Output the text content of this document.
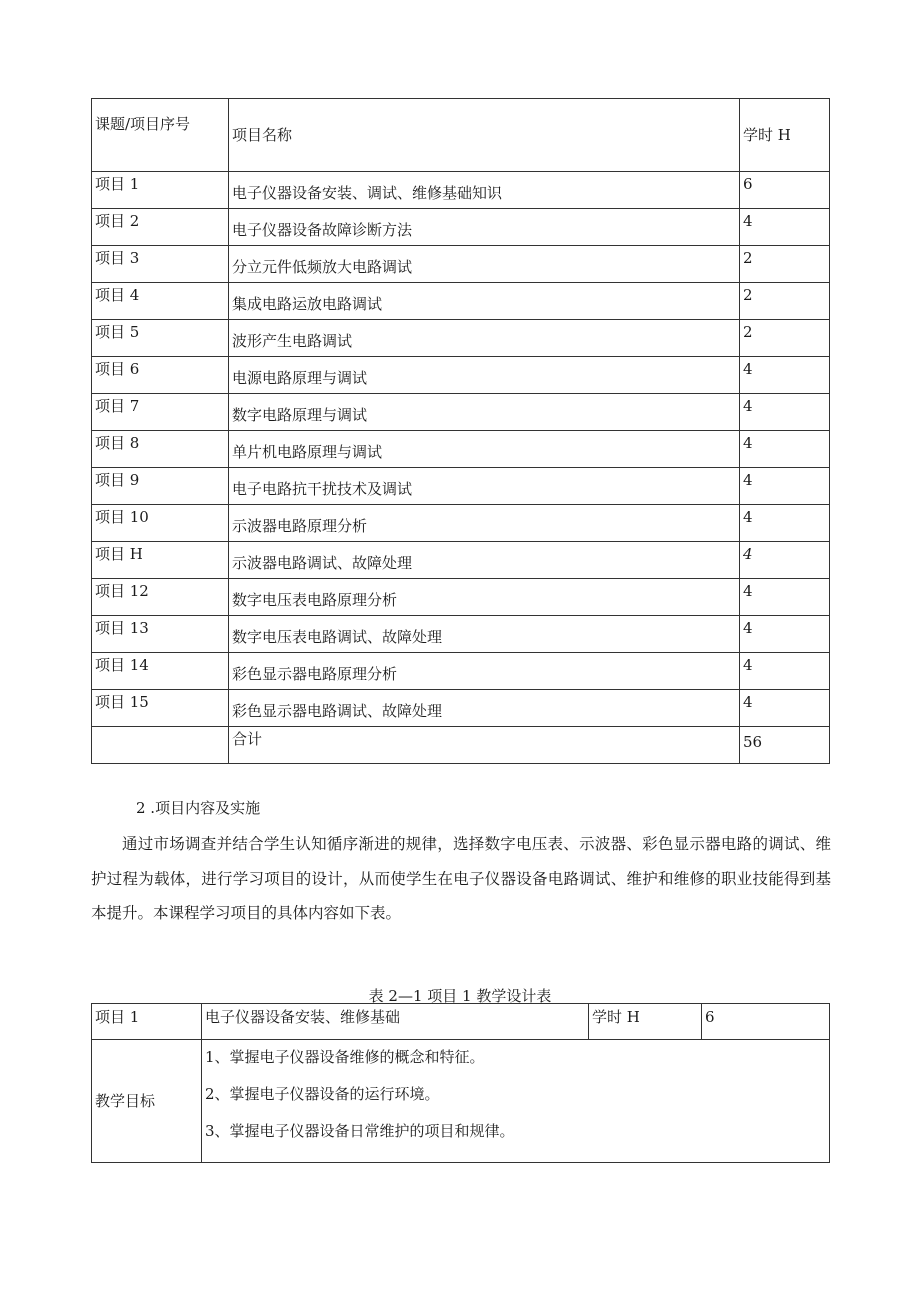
课题/项目序号	项目名称	学时 H

项目 1	电子仪器设备安装、调试、维修基础知识	6

项目 2	电子仪器设备故障诊断方法	4

项目 3	分立元件低频放大电路调试	2

项目 4	集成电路运放电路调试	2

项目 5	波形产生电路调试	2

项目 6	电源电路原理与调试	4

项目 7	数字电路原理与调试	4

项目 8	单片机电路原理与调试	4

项目 9	电子电路抗干扰技术及调试	4

项目 10	示波器电路原理分析	4

项目 H	示波器电路调试、故障处理	4

项目 12	数字电压表电路原理分析	4

项目 13	数字电压表电路调试、故障处理	4

项目 14	彩色显示器电路原理分析	4

项目 15	彩色显示器电路调试、故障处理	4

	合计	56

2 .项目内容及实施

通过市场调查并结合学生认知循序渐进的规律，选择数字电压表、示波器、彩色显示器电路的调试、维护过程为载体，进行学习项目的设计，从而使学生在电子仪器设备电路调试、维护和维修的职业技能得到基本提升。本课程学习项目的具体内容如下表。

表 2—1 项目 1 教学设计表

项目 1	电子仪器设备安装、维修基础	学时 H	6
教学目标	1、掌握电子仪器设备维修的概念和特征。
2、掌握电子仪器设备的运行环境。
3、掌握电子仪器设备日常维护的项目和规律。		
